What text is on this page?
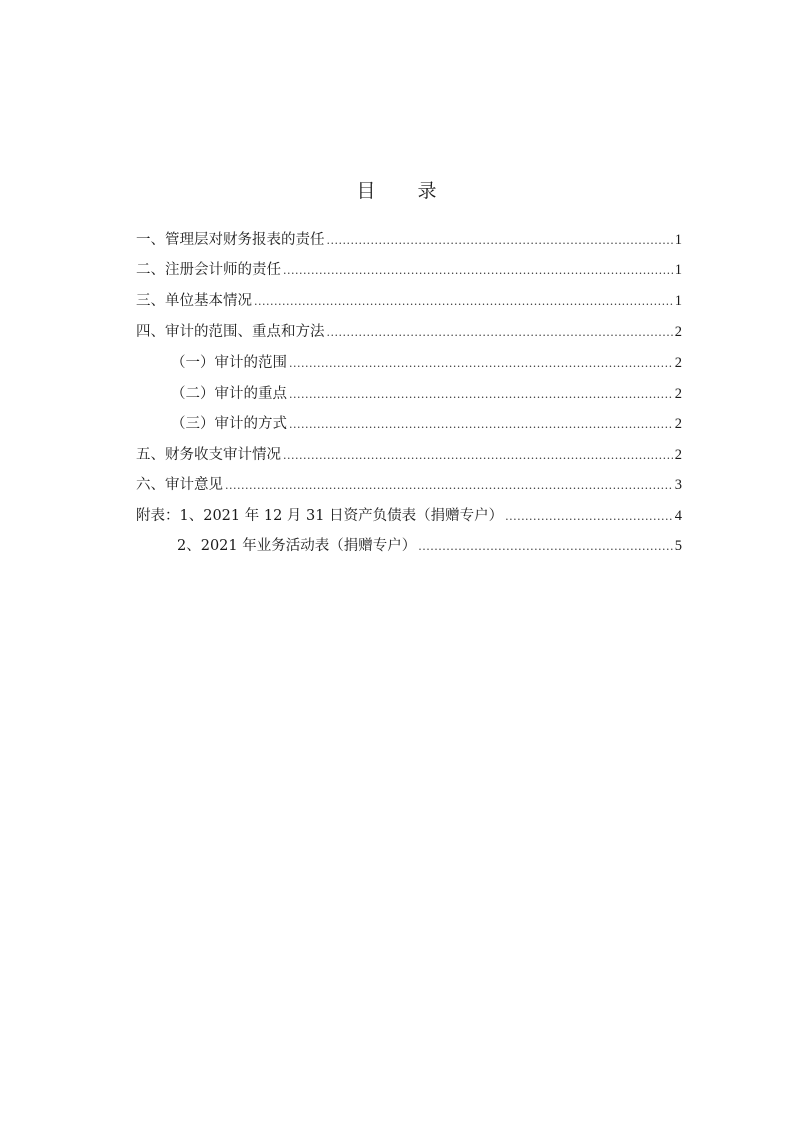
目 录
一、 管理层对财务报表的责任 .....	1
二、 注册会计师的责任 .....	1
三、 单位基本情况 .....	1
四、 审计的范围、重点和方法 .....	2
（一）审计的范围 .....	2
（二）审计的重点 .....	2
（三）审计的方式 .....	2
五、 财务收支审计情况 .....	2
六、 审计意见 .....	3
附表：1、2021 年 12 月 31 日资产负债表（捐赠专户） .....	4
2、2021 年业务活动表（捐赠专户） .....	5
